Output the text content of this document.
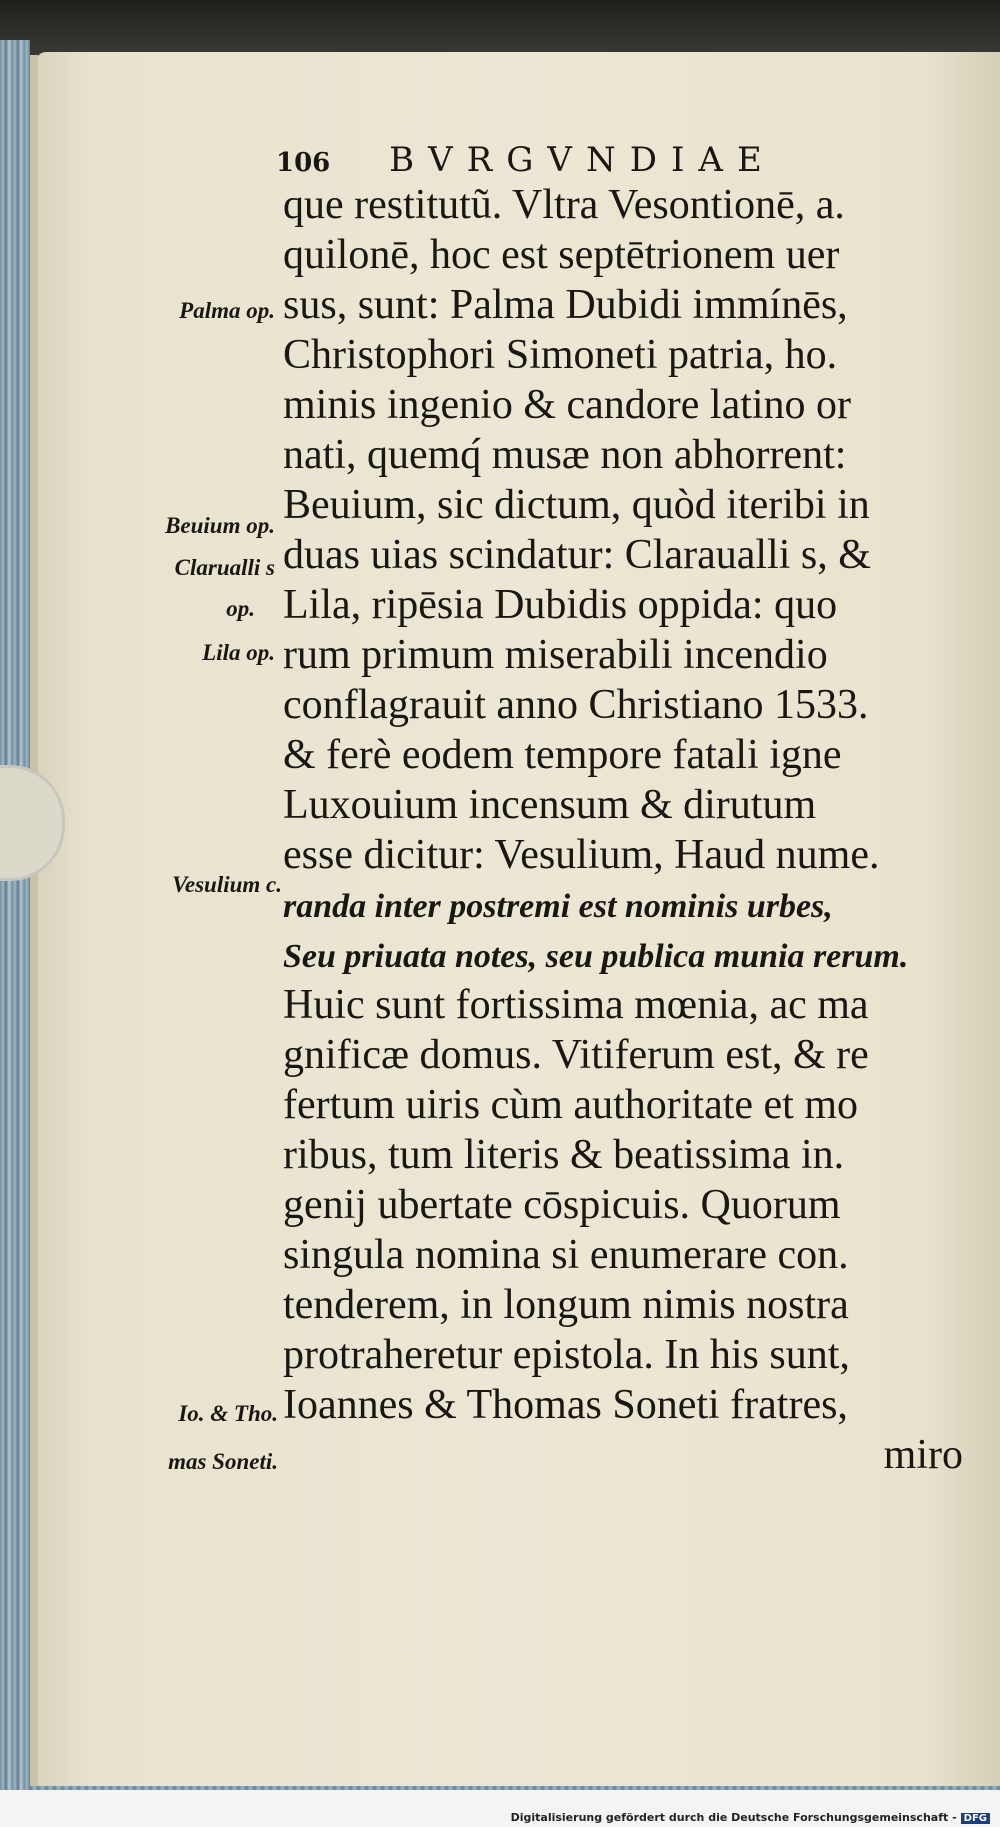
106 BVRGVNDIAE
que restitutũ. Vltra Vesontionē, a.
quilonē, hoc est septētrionem uer
sus, sunt: Palma Dubidi immínēs,
Christophori Simoneti patria, ho.
minis ingenio & candore latino or
nati, quemq́ musæ non abhorrent:
Beuium, sic dictum, quòd iteribi in
duas uias scindatur: Claraualli s, &
Lila, ripēsia Dubidis oppida: quo
rum primum miserabili incendio
conflagrauit anno Christiano 1533.
& ferè eodem tempore fatali igne
Luxouium incensum & dirutum
esse dicitur: Vesulium, Haud nume.
randa inter postremi est nominis urbes,
Seu priuata notes, seu publica munia rerum.
Huic sunt fortissima mœnia, ac ma
gnificæ domus. Vitiferum est, & re
fertum uiris cùm authoritate et mo
ribus, tum literis & beatissima in.
genij ubertate cōspicuis. Quorum
singula nomina si enumerare con.
tenderem, in longum nimis nostra
protraheretur epistola. In his sunt,
Ioannes & Thomas Soneti fratres,
miro
Palma op.
Beuium op.
Clarualli s
op.
Lila op.
Vesulium c.
Io. & Tho.
mas Soneti.
Digitalisierung gefördert durch die Deutsche Forschungsgemeinschaft - DFG
